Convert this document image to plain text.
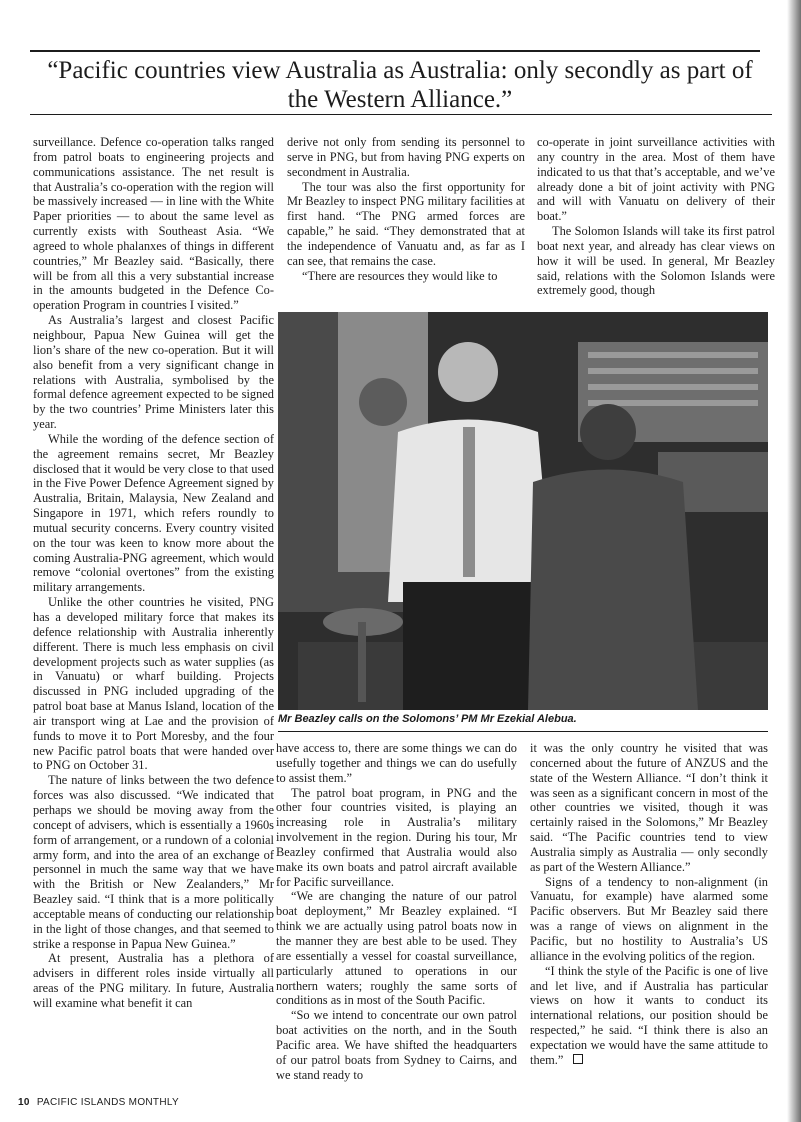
“Pacific countries view Australia as Australia: only secondly as part of the Western Alliance.”

surveillance. Defence co-operation talks ranged from patrol boats to engineering projects and communications assistance. The net result is that Australia’s co-operation with the region will be massively increased — in line with the White Paper priorities — to about the same level as currently exists with Southeast Asia. “We agreed to whole phalanxes of things in different countries,” Mr Beazley said. “Basically, there will be from all this a very substantial increase in the amounts budgeted in the Defence Co-operation Program in countries I visited.”

As Australia’s largest and closest Pacific neighbour, Papua New Guinea will get the lion’s share of the new co-operation. But it will also benefit from a very significant change in relations with Australia, symbolised by the formal defence agreement expected to be signed by the two countries’ Prime Ministers later this year.

While the wording of the defence section of the agreement remains secret, Mr Beazley disclosed that it would be very close to that used in the Five Power Defence Agreement signed by Australia, Britain, Malaysia, New Zealand and Singapore in 1971, which refers roundly to mutual security concerns. Every country visited on the tour was keen to know more about the coming Australia-PNG agreement, which would remove “colonial overtones” from the existing military arrangements.

Unlike the other countries he visited, PNG has a developed military force that makes its defence relationship with Australia inherently different. There is much less emphasis on civil development projects such as water supplies (as in Vanuatu) or wharf building. Projects discussed in PNG included upgrading of the patrol boat base at Manus Island, location of the air transport wing at Lae and the provision of funds to move it to Port Moresby, and the four new Pacific patrol boats that were handed over to PNG on October 31.

The nature of links between the two defence forces was also discussed. “We indicated that perhaps we should be moving away from the concept of advisers, which is essentially a 1960s form of arrangement, or a rundown of a colonial army form, and into the area of an exchange of personnel in much the same way that we have with the British or New Zealanders,” Mr Beazley said. “I think that is a more politically acceptable means of conducting our relationship in the light of those changes, and that seemed to strike a response in Papua New Guinea.”

At present, Australia has a plethora of advisers in different roles inside virtually all areas of the PNG military. In future, Australia will examine what benefit it can

derive not only from sending its personnel to serve in PNG, but from having PNG experts on secondment in Australia.

The tour was also the first opportunity for Mr Beazley to inspect PNG military facilities at first hand. “The PNG armed forces are capable,” he said. “They demonstrated that at the independence of Vanuatu and, as far as I can see, that remains the case.

“There are resources they would like to

co-operate in joint surveillance activities with any country in the area. Most of them have indicated to us that that’s acceptable, and we’ve already done a bit of joint activity with PNG and will with Vanuatu on delivery of their boat.”

The Solomon Islands will take its first patrol boat next year, and already has clear views on how it will be used. In general, Mr Beazley said, relations with the Solomon Islands were extremely good, though

Mr Beazley calls on the Solomons’ PM Mr Ezekial Alebua.

have access to, there are some things we can do usefully together and things we can do usefully to assist them.”

The patrol boat program, in PNG and the other four countries visited, is playing an increasing role in Australia’s military involvement in the region. During his tour, Mr Beazley confirmed that Australia would also make its own boats and patrol aircraft available for Pacific surveillance.

“We are changing the nature of our patrol boat deployment,” Mr Beazley explained. “I think we are actually using patrol boats now in the manner they are best able to be used. They are essentially a vessel for coastal surveillance, particularly attuned to operations in our northern waters; roughly the same sorts of conditions as in most of the South Pacific.

“So we intend to concentrate our own patrol boat activities on the north, and in the South Pacific area. We have shifted the headquarters of our patrol boats from Sydney to Cairns, and we stand ready to

it was the only country he visited that was concerned about the future of ANZUS and the state of the Western Alliance. “I don’t think it was seen as a significant concern in most of the other countries we visited, though it was certainly raised in the Solomons,” Mr Beazley said. “The Pacific countries tend to view Australia simply as Australia — only secondly as part of the Western Alliance.”

Signs of a tendency to non-alignment (in Vanuatu, for example) have alarmed some Pacific observers. But Mr Beazley said there was a range of views on alignment in the Pacific, but no hostility to Australia’s US alliance in the evolving politics of the region.

“I think the style of the Pacific is one of live and let live, and if Australia has particular views on how it wants to conduct its international relations, our position should be respected,” he said. “I think there is also an expectation we would have the same attitude to them.”

10 PACIFIC ISLANDS MONTHLY
